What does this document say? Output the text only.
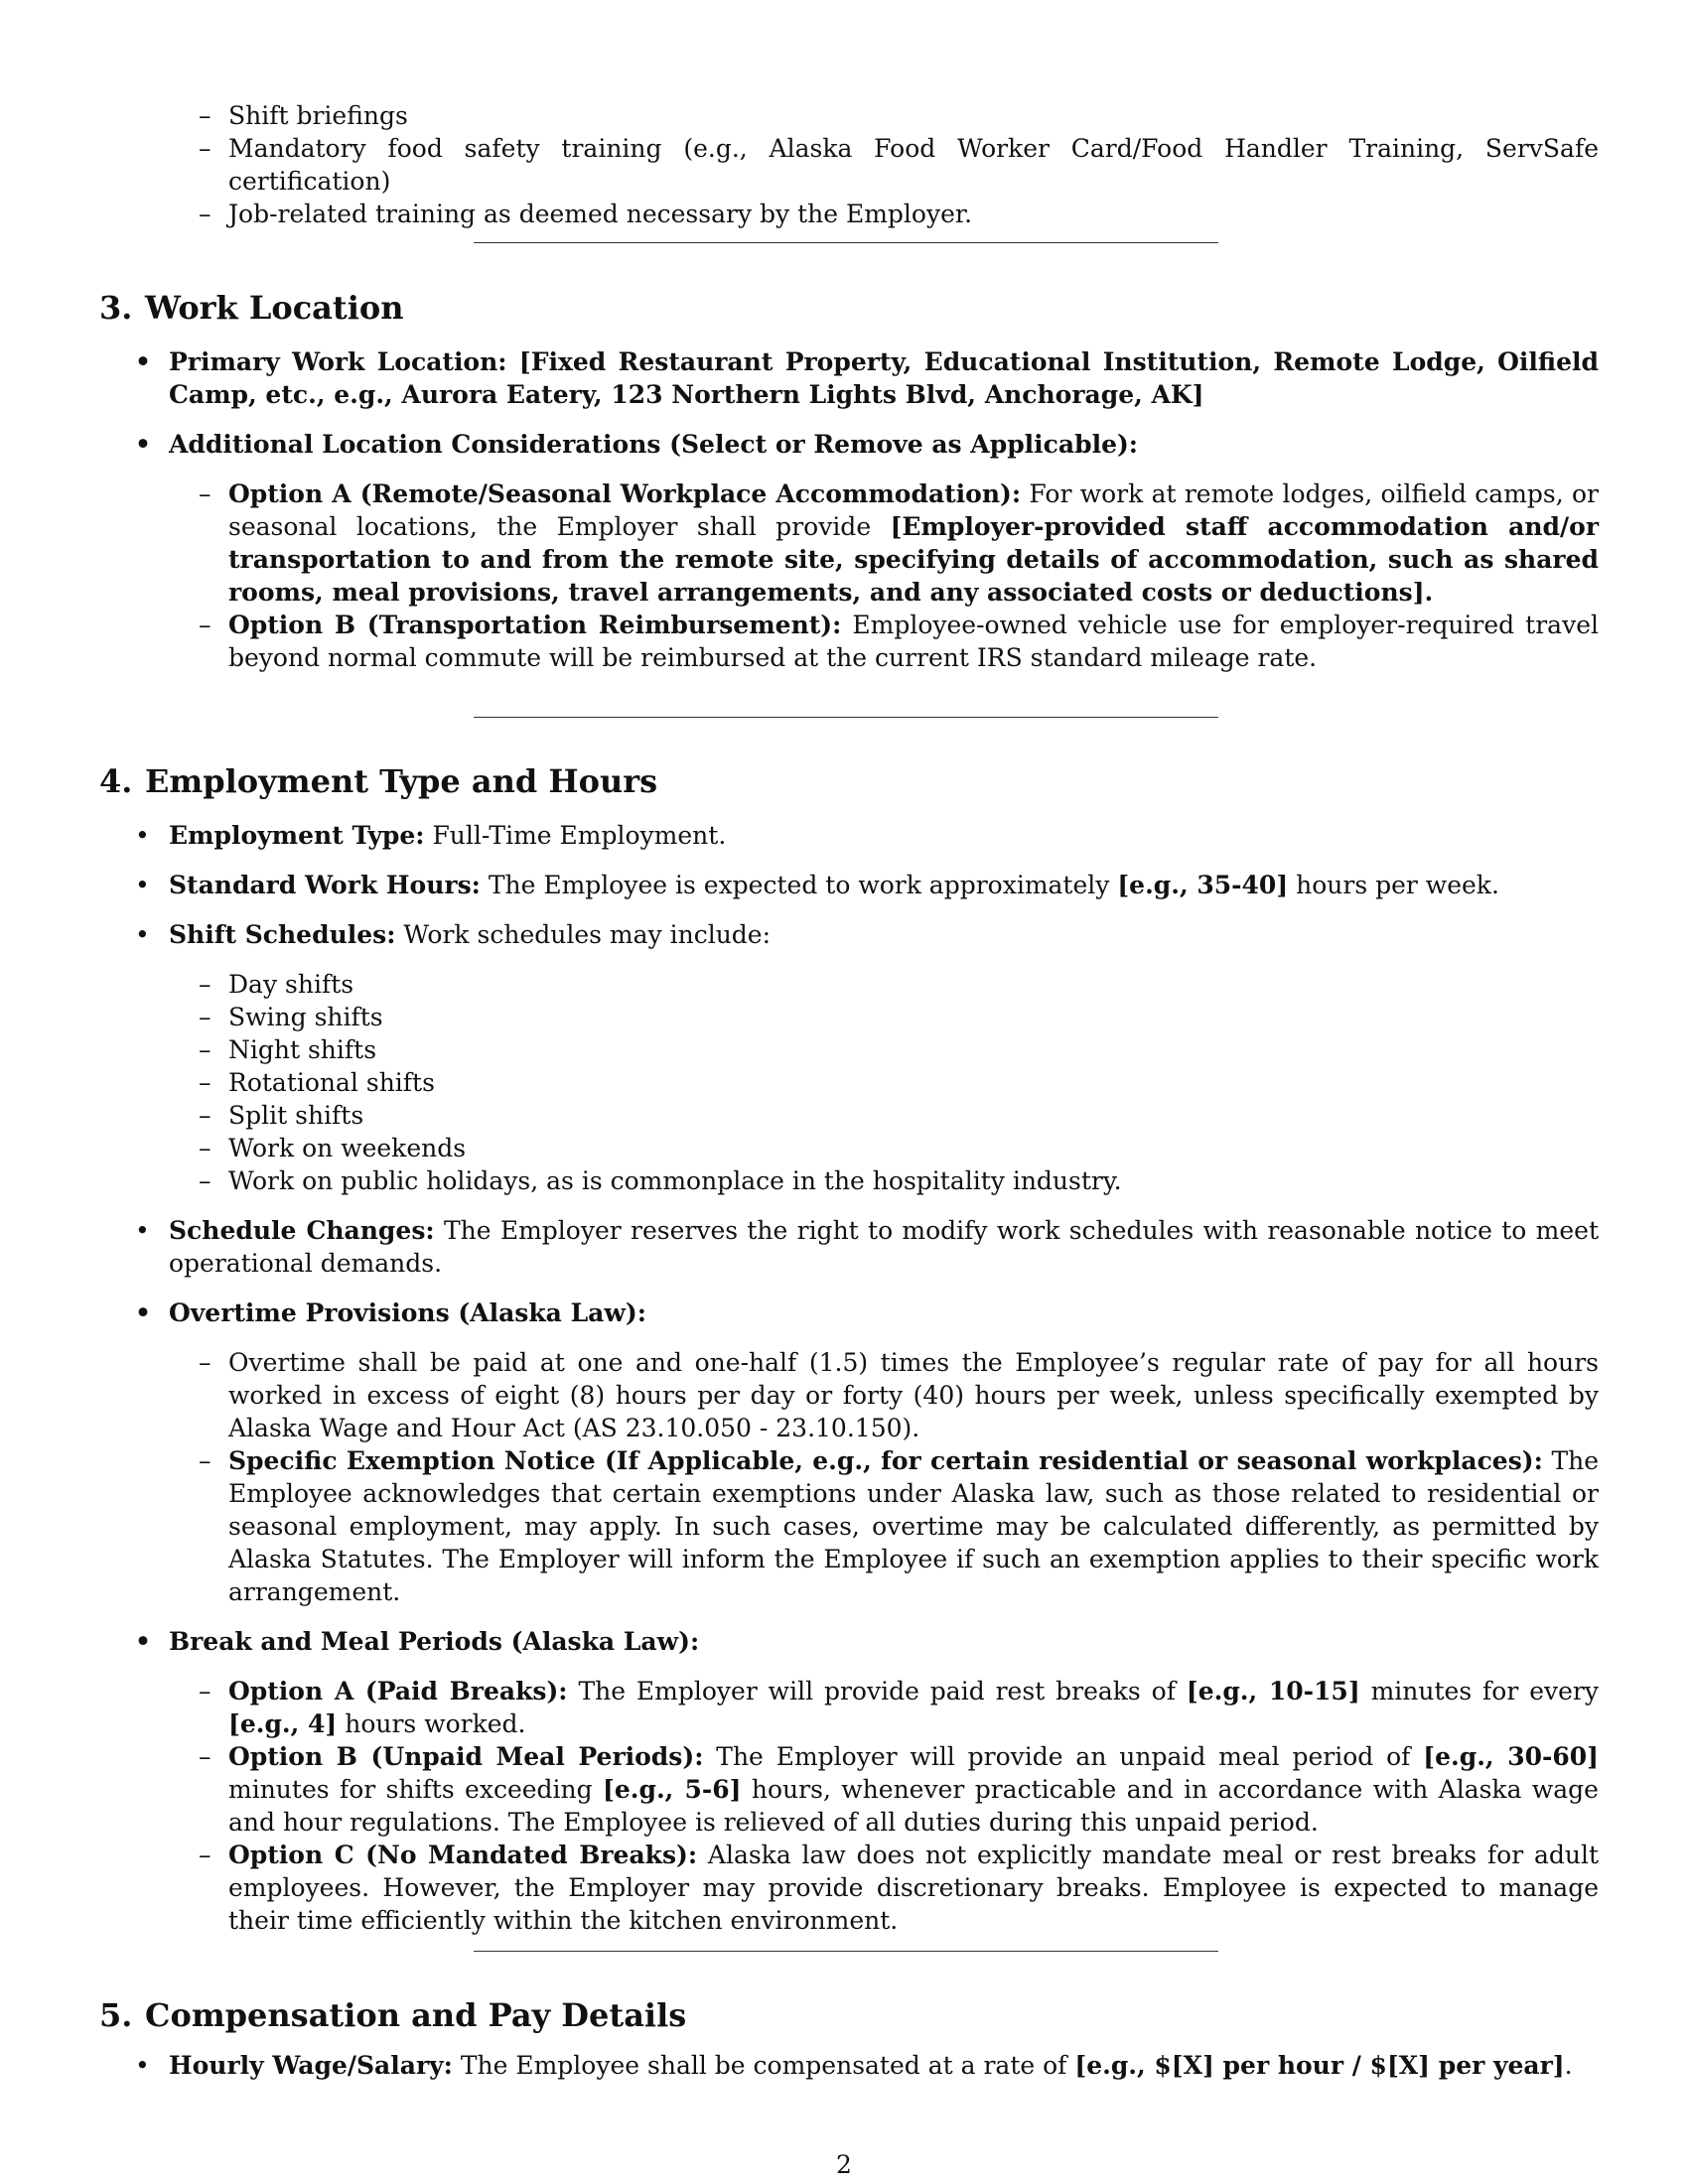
– Shift briefings

– Mandatory food safety training (e.g., Alaska Food Worker Card/Food Handler Training, ServSafe certification)

– Job-related training as deemed necessary by the Employer.

3. Work Location

• Primary Work Location: [Fixed Restaurant Property, Educational Institution, Remote Lodge, Oilfield Camp, etc., e.g., Aurora Eatery, 123 Northern Lights Blvd, Anchorage, AK]

• Additional Location Considerations (Select or Remove as Applicable):

– Option A (Remote/Seasonal Workplace Accommodation): For work at remote lodges, oilfield camps, or seasonal locations, the Employer shall provide [Employer-provided staff accommodation and/or transportation to and from the remote site, specifying details of accommodation, such as shared rooms, meal provisions, travel arrangements, and any associated costs or deductions].

– Option B (Transportation Reimbursement): Employee-owned vehicle use for employer-required travel beyond normal commute will be reimbursed at the current IRS standard mileage rate.

4. Employment Type and Hours

• Employment Type: Full-Time Employment.

• Standard Work Hours: The Employee is expected to work approximately [e.g., 35-40] hours per week.

• Shift Schedules: Work schedules may include:

– Day shifts

– Swing shifts

– Night shifts

– Rotational shifts

– Split shifts

– Work on weekends

– Work on public holidays, as is commonplace in the hospitality industry.

• Schedule Changes: The Employer reserves the right to modify work schedules with reasonable notice to meet operational demands.

• Overtime Provisions (Alaska Law):

– Overtime shall be paid at one and one-half (1.5) times the Employee’s regular rate of pay for all hours worked in excess of eight (8) hours per day or forty (40) hours per week, unless specifically exempted by Alaska Wage and Hour Act (AS 23.10.050 - 23.10.150).

– Specific Exemption Notice (If Applicable, e.g., for certain residential or seasonal workplaces): The Employee acknowledges that certain exemptions under Alaska law, such as those related to residential or seasonal employment, may apply. In such cases, overtime may be calculated differently, as permitted by Alaska Statutes. The Employer will inform the Employee if such an exemption applies to their specific work arrangement.

• Break and Meal Periods (Alaska Law):

– Option A (Paid Breaks): The Employer will provide paid rest breaks of [e.g., 10-15] minutes for every [e.g., 4] hours worked.

– Option B (Unpaid Meal Periods): The Employer will provide an unpaid meal period of [e.g., 30-60] minutes for shifts exceeding [e.g., 5-6] hours, whenever practicable and in accordance with Alaska wage and hour regulations. The Employee is relieved of all duties during this unpaid period.

– Option C (No Mandated Breaks): Alaska law does not explicitly mandate meal or rest breaks for adult employees. However, the Employer may provide discretionary breaks. Employee is expected to manage their time efficiently within the kitchen environment.

5. Compensation and Pay Details

• Hourly Wage/Salary: The Employee shall be compensated at a rate of [e.g., $[X] per hour / $[X] per year].

2
